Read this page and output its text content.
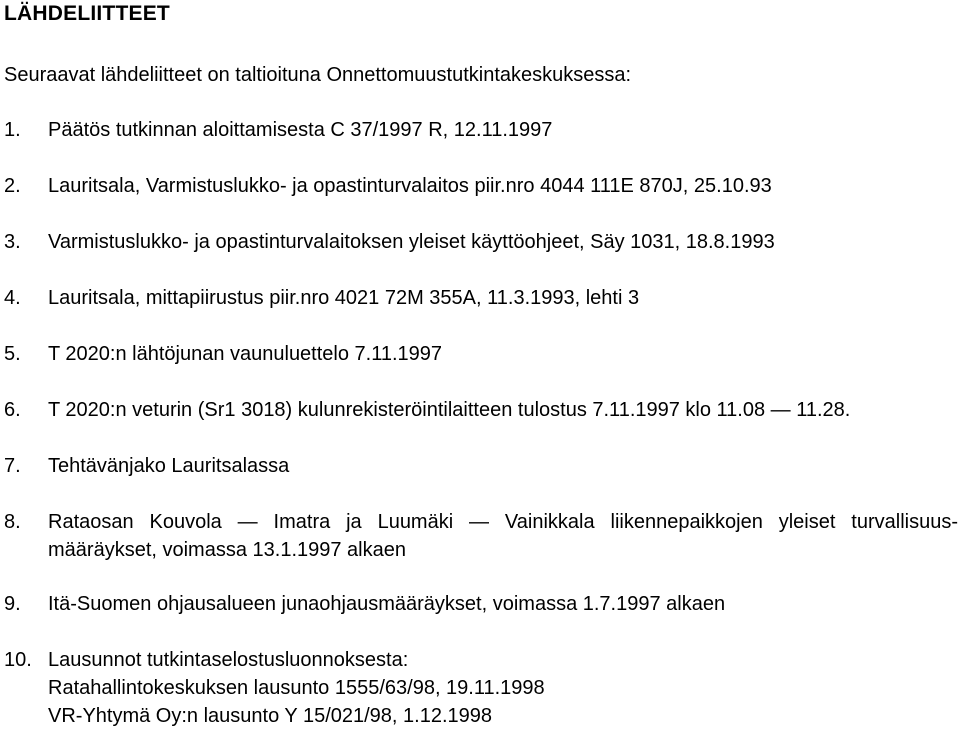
LÄHDELIITTEET
Seuraavat lähdeliitteet on taltioituna Onnettomuustutkintakeskuksessa:
1. Päätös tutkinnan aloittamisesta C 37/1997 R, 12.11.1997
2. Lauritsala, Varmistuslukko- ja opastinturvalaitos piir.nro 4044 111E 870J, 25.10.93
3. Varmistuslukko- ja opastinturvalaitoksen yleiset käyttöohjeet, Säy 1031, 18.8.1993
4. Lauritsala, mittapiirustus piir.nro 4021 72M 355A, 11.3.1993, lehti 3
5. T 2020:n lähtöjunan vaunuluettelo 7.11.1997
6. T 2020:n veturin (Sr1 3018) kulunrekisteröintilaitteen tulostus 7.11.1997 klo 11.08 — 11.28.
7. Tehtävänjako Lauritsalassa
8. Rataosan Kouvola — Imatra ja Luumäki — Vainikkala liikennepaikkojen yleiset turvallisuus-
määräykset, voimassa 13.1.1997 alkaen
9. Itä-Suomen ohjausalueen junaohjausmääräykset, voimassa 1.7.1997 alkaen
10. Lausunnot tutkintaselostusluonnoksesta:
Ratahallintokeskuksen lausunto 1555/63/98, 19.11.1998
VR-Yhtymä Oy:n lausunto Y 15/021/98, 1.12.1998
